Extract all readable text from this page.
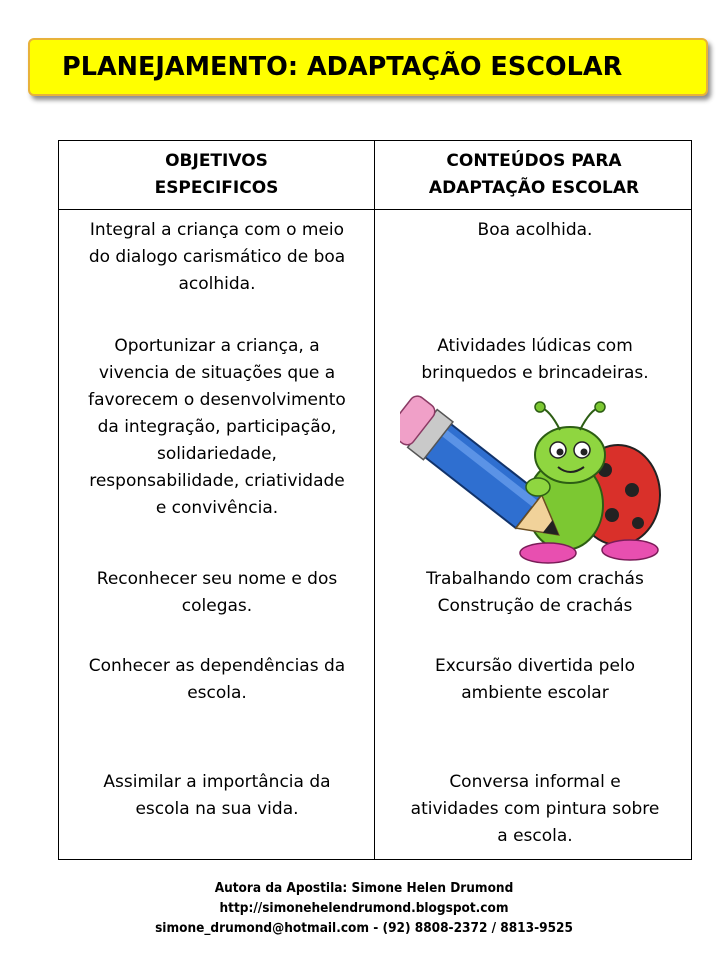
PLANEJAMENTO: ADAPTAÇÃO ESCOLAR
OBJETIVOS
ESPECIFICOS
CONTEÚDOS PARA
ADAPTAÇÃO ESCOLAR
Integral a criança com o meio
do dialogo carismático de boa
acolhida.
Boa acolhida.
Oportunizar a criança, a
vivencia de situações que a
favorecem o desenvolvimento
da integração, participação,
solidariedade,
responsabilidade, criatividade
e convivência.
Atividades lúdicas com
brinquedos e brincadeiras.
Reconhecer seu nome e dos
colegas.
Trabalhando com crachás
Construção de crachás
Conhecer as dependências da
escola.
Excursão divertida pelo
ambiente escolar
Assimilar a importância da
escola na sua vida.
Conversa informal e
atividades com pintura sobre
a escola.
Autora da Apostila: Simone Helen Drumond
http://simonehelendrumond.blogspot.com
simone_drumond@hotmail.com - (92) 8808-2372 / 8813-9525
